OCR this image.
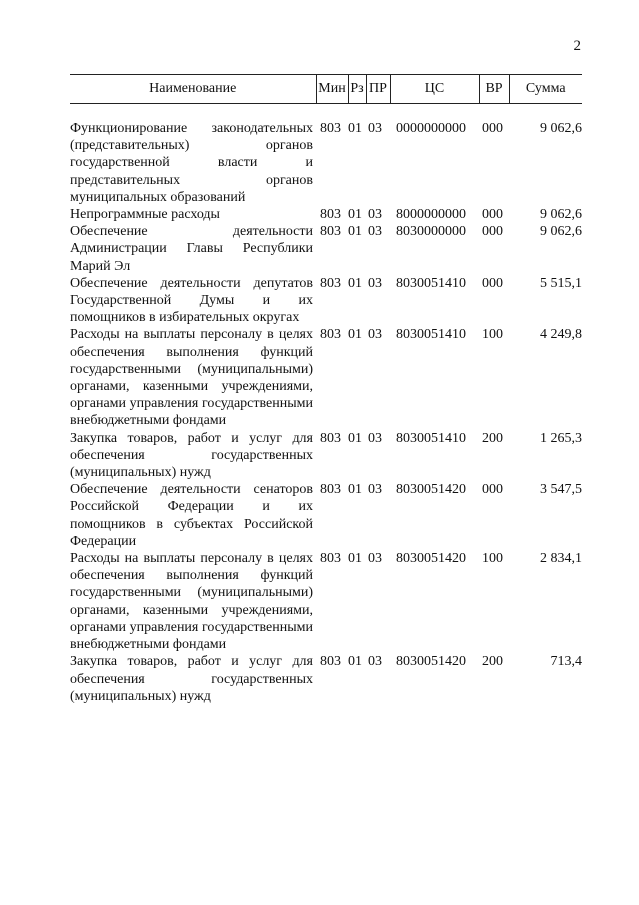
2
Наименование	Мин	Рз	ПР	ЦС	ВР	Сумма

Функционирование законодательных (представительных) органов государственной власти и представительных органов муниципальных образований	803	01	03	0000000000	000	9 062,6
Непрограммные расходы	803	01	03	8000000000	000	9 062,6
Обеспечение деятельности Администрации Главы Республики Марий Эл	803	01	03	8030000000	000	9 062,6
Обеспечение деятельности депутатов Государственной Думы и их помощников в избирательных округах	803	01	03	8030051410	000	5 515,1
Расходы на выплаты персоналу в целях обеспечения выполнения функций государственными (муниципальными) органами, казенными учреждениями, органами управления государственными внебюджетными фондами	803	01	03	8030051410	100	4 249,8
Закупка товаров, работ и услуг для обеспечения государственных (муниципальных) нужд	803	01	03	8030051410	200	1 265,3
Обеспечение деятельности сенаторов Российской Федерации и их помощников в субъектах Российской Федерации	803	01	03	8030051420	000	3 547,5
Расходы на выплаты персоналу в целях обеспечения выполнения функций государственными (муниципальными) органами, казенными учреждениями, органами управления государственными внебюджетными фондами	803	01	03	8030051420	100	2 834,1
Закупка товаров, работ и услуг для обеспечения государственных (муниципальных) нужд	803	01	03	8030051420	200	713,4
